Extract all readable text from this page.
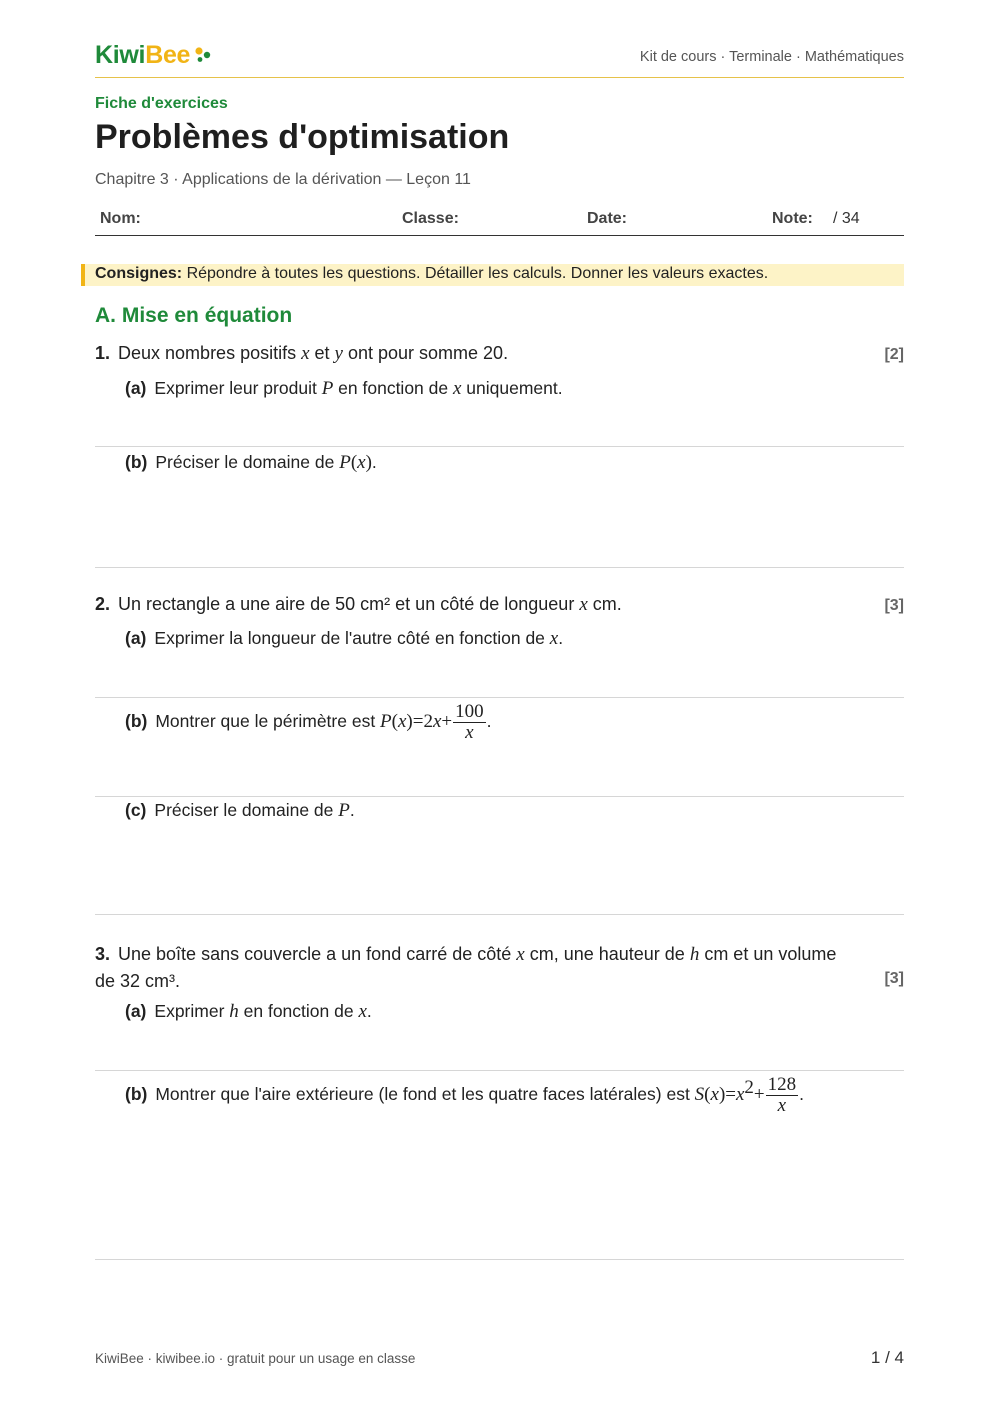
KiwiBee	Kit de cours · Terminale · Mathématiques
Fiche d'exercices
Problèmes d'optimisation
Chapitre 3 · Applications de la dérivation — Leçon 11
Nom:	Classe:	Date:	Note: / 34
Consignes: Répondre à toutes les questions. Détailler les calculs. Donner les valeurs exactes.
A. Mise en équation
1. Deux nombres positifs x et y ont pour somme 20.	[2]
(a) Exprimer leur produit P en fonction de x uniquement.
(b) Préciser le domaine de P(x).
2. Un rectangle a une aire de 50 cm² et un côté de longueur x cm.	[3]
(a) Exprimer la longueur de l'autre côté en fonction de x.
(b) Montrer que le périmètre est $P(x)=2x+ \frac{100}{x}$ .
(c) Préciser le domaine de P.
3. Une boîte sans couvercle a un fond carré de côté x cm, une hauteur de h cm et un volume
de 32 cm³.	[3]
(a) Exprimer h en fonction de x.
(b) Montrer que l'aire extérieure (le fond et les quatre faces latérales) est $S(x)=x^2+ \frac{128}{x}$ .
KiwiBee · kiwibee.io · gratuit pour un usage en classe	1 / 4
